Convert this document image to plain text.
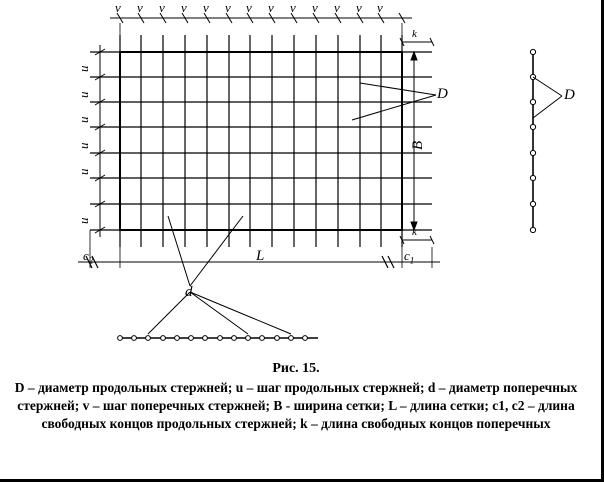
v v v v v v v v v v v v v
u
u
u
u
u
u
D	D
d
B
L	$c_1$
$c_2$
k
k
Рис. 15.
D – диаметр продольных стержней; u – шаг продольных стержней; d – диаметр поперечных стержней; v – шаг поперечных стержней; B - ширина сетки; L – длина сетки; c1, c2 – длина свободных концов продольных стержней; k – длина свободных концов поперечных
